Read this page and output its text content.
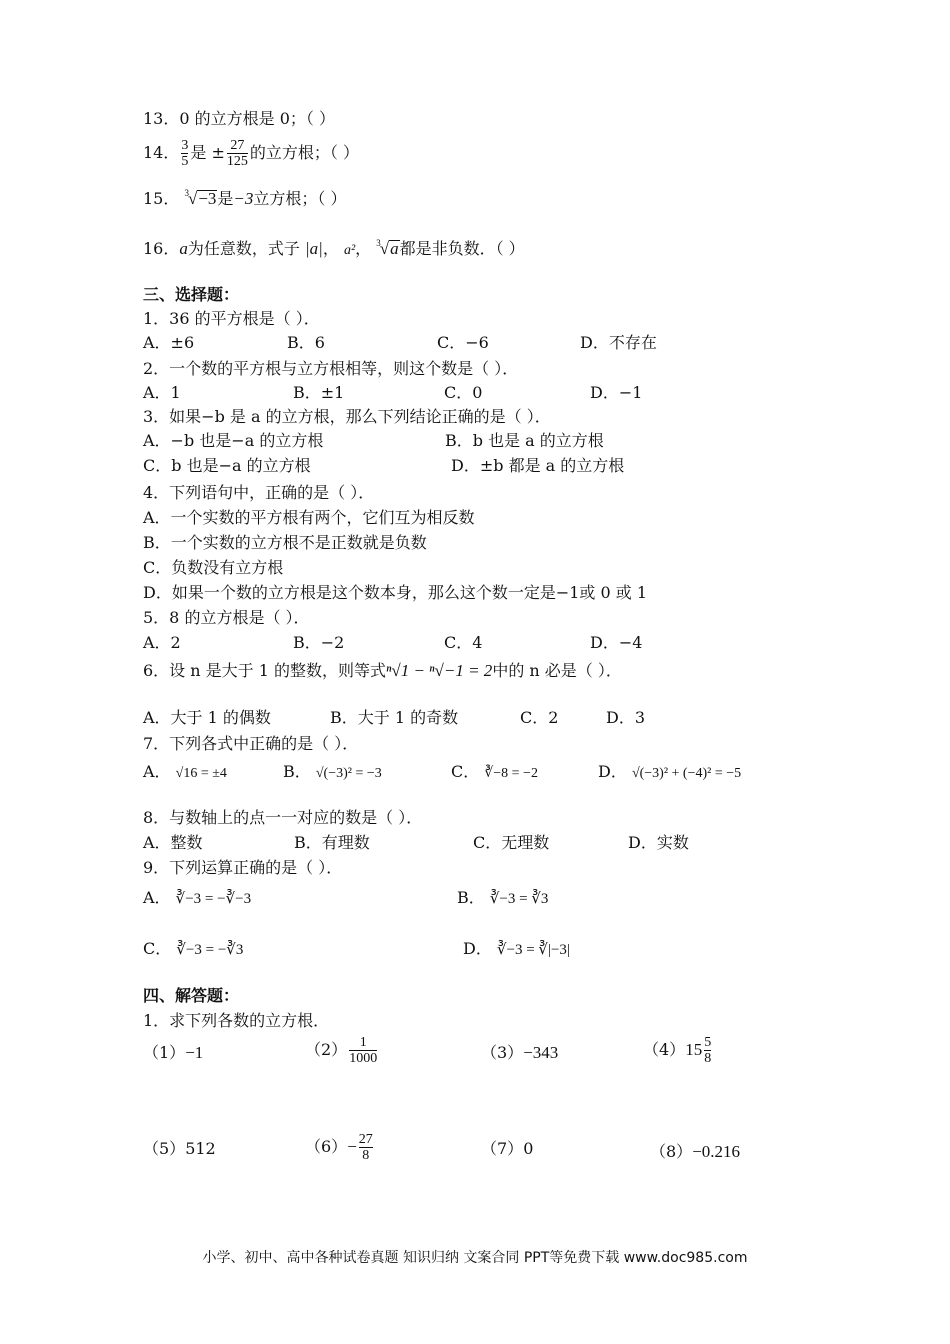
13．0 的立方根是 0；（ ）
14． $\frac{3}{5}$ 是 ± $\frac{27}{125}$ 的立方根；（ ）
15． $^3$√−3是−3立方根；（ ）
16．a为任意数，式子 |a|， a²， $^3$√a都是非负数．（ ）
三、选择题：
1．36 的平方根是（ ）．
A．±6	B．6	C．−6	D．不存在
2．一个数的平方根与立方根相等，则这个数是（ ）．
A．1	B．±1	C．0	D．−1
3．如果−b 是 a 的立方根，那么下列结论正确的是（ ）．
A．−b 也是−a 的立方根	B．b 也是 a 的立方根
C．b 也是−a 的立方根	D．±b 都是 a 的立方根
4．下列语句中，正确的是（ ）．
A．一个实数的平方根有两个，它们互为相反数
B．一个实数的立方根不是正数就是负数
C．负数没有立方根
D．如果一个数的立方根是这个数本身，那么这个数一定是−1或 0 或 1
5．8 的立方根是（ ）．
A．2	B．−2	C．4	D．−4
6．设 n 是大于 1 的整数，则等式ⁿ√1 − ⁿ√−1 = 2中的 n 必是（ ）．
A．大于 1 的偶数	B．大于 1 的奇数	C．2	D．3
7．下列各式中正确的是（ ）．
A． √16 = ±4	B． √(−3)² = −3	C． ∛−8 = −2	D． √(−3)² + (−4)² = −5
8．与数轴上的点一一对应的数是（ ）．
A．整数	B．有理数	C．无理数	D．实数
9．下列运算正确的是（ ）．
A． ∛−3 = −∛−3	B． ∛−3 = ∛3
C． ∛−3 = −∛3	D． ∛−3 = ∛|−3|
四、解答题：
1．求下列各数的立方根．
（1）−1	$(2) \frac{1}{1000}$	（3）−343	$(4)15 \frac{5}{8}$
（5）512	$(6)- \frac{27}{8}$	（7）0	（8）−0.216
小学、初中、高中各种试卷真题 知识归纳 文案合同 PPT等免费下载 www.doc985.com
